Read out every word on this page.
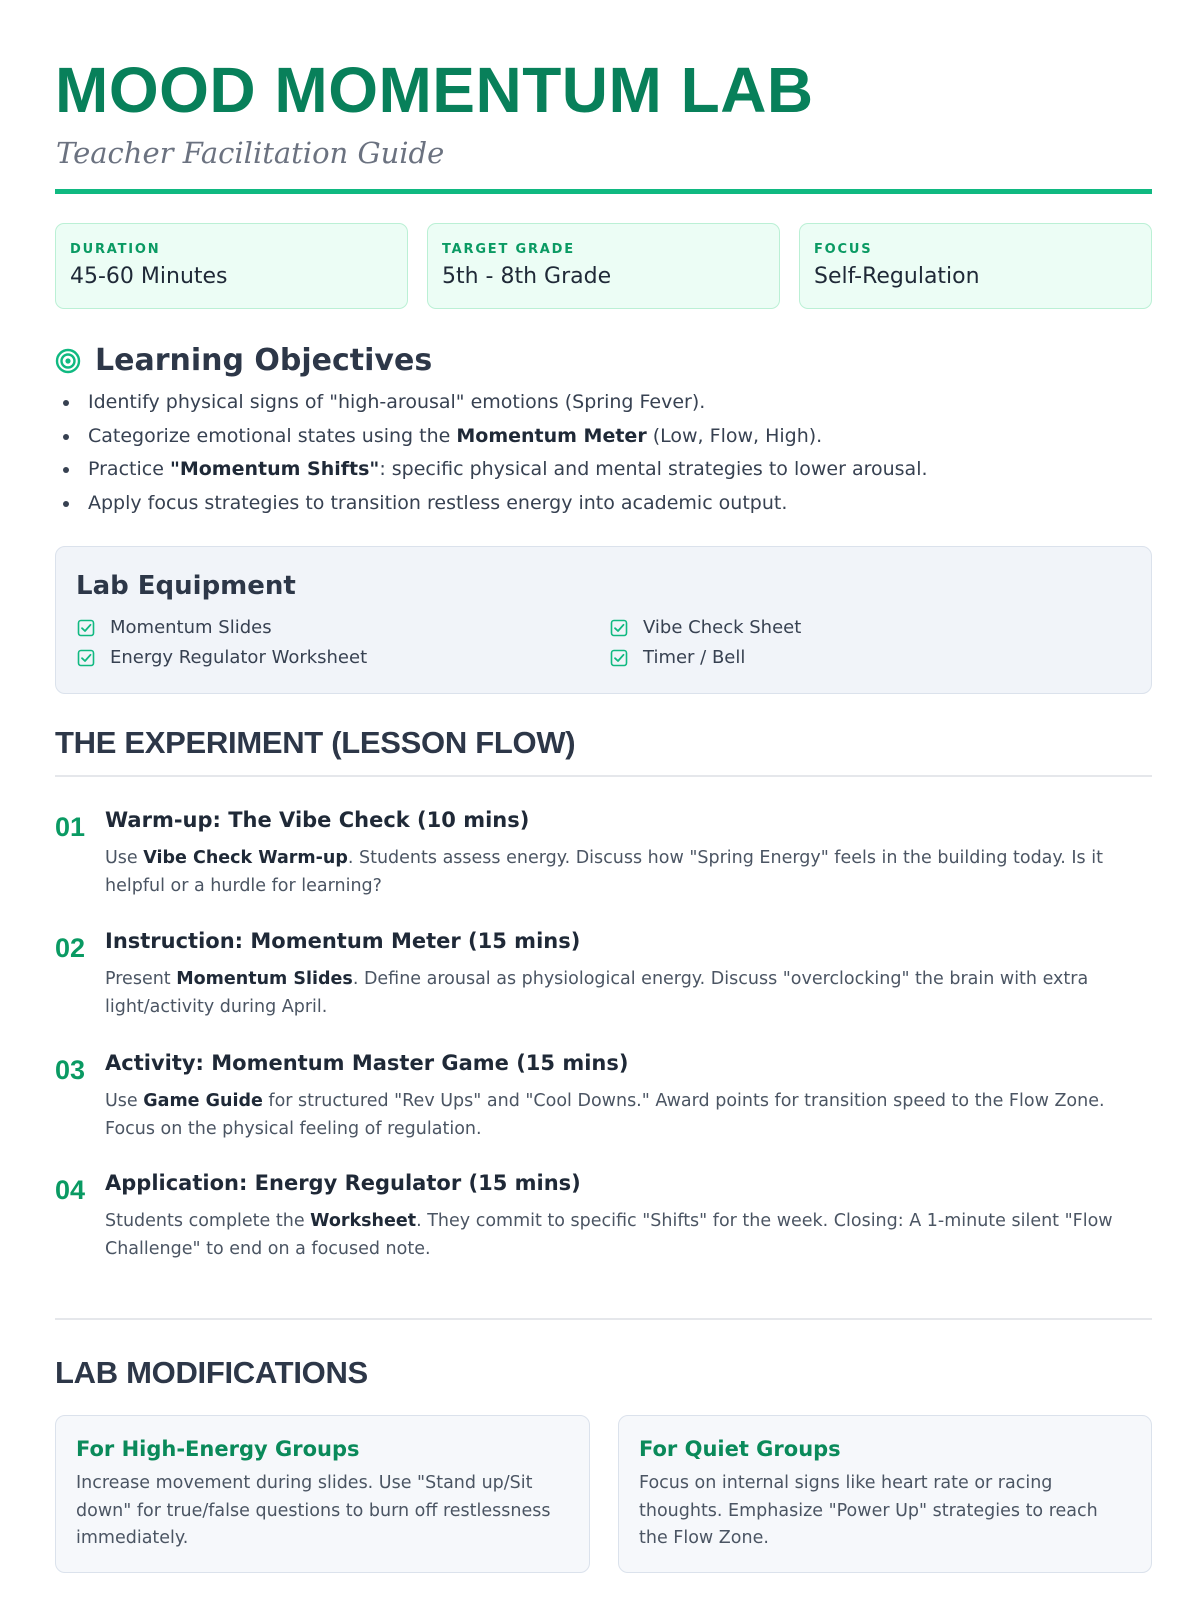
MOOD MOMENTUM LAB
Teacher Facilitation Guide
DURATION
45-60 Minutes
TARGET GRADE
5th - 8th Grade
FOCUS
Self-Regulation
Learning Objectives
Identify physical signs of "high-arousal" emotions (Spring Fever).
Categorize emotional states using the Momentum Meter (Low, Flow, High).
Practice "Momentum Shifts": specific physical and mental strategies to lower arousal.
Apply focus strategies to transition restless energy into academic output.
Lab Equipment
Momentum Slides	Vibe Check Sheet
Energy Regulator Worksheet	Timer / Bell
THE EXPERIMENT (LESSON FLOW)
01 Warm-up: The Vibe Check (10 mins)
Use Vibe Check Warm-up. Students assess energy. Discuss how "Spring Energy" feels in the building today. Is it helpful or a hurdle for learning?
02 Instruction: Momentum Meter (15 mins)
Present Momentum Slides. Define arousal as physiological energy. Discuss "overclocking" the brain with extra light/activity during April.
03 Activity: Momentum Master Game (15 mins)
Use Game Guide for structured "Rev Ups" and "Cool Downs." Award points for transition speed to the Flow Zone. Focus on the physical feeling of regulation.
04 Application: Energy Regulator (15 mins)
Students complete the Worksheet. They commit to specific "Shifts" for the week. Closing: A 1-minute silent "Flow Challenge" to end on a focused note.
LAB MODIFICATIONS
For High-Energy Groups
Increase movement during slides. Use "Stand up/Sit down" for true/false questions to burn off restlessness immediately.
For Quiet Groups
Focus on internal signs like heart rate or racing thoughts. Emphasize "Power Up" strategies to reach the Flow Zone.
